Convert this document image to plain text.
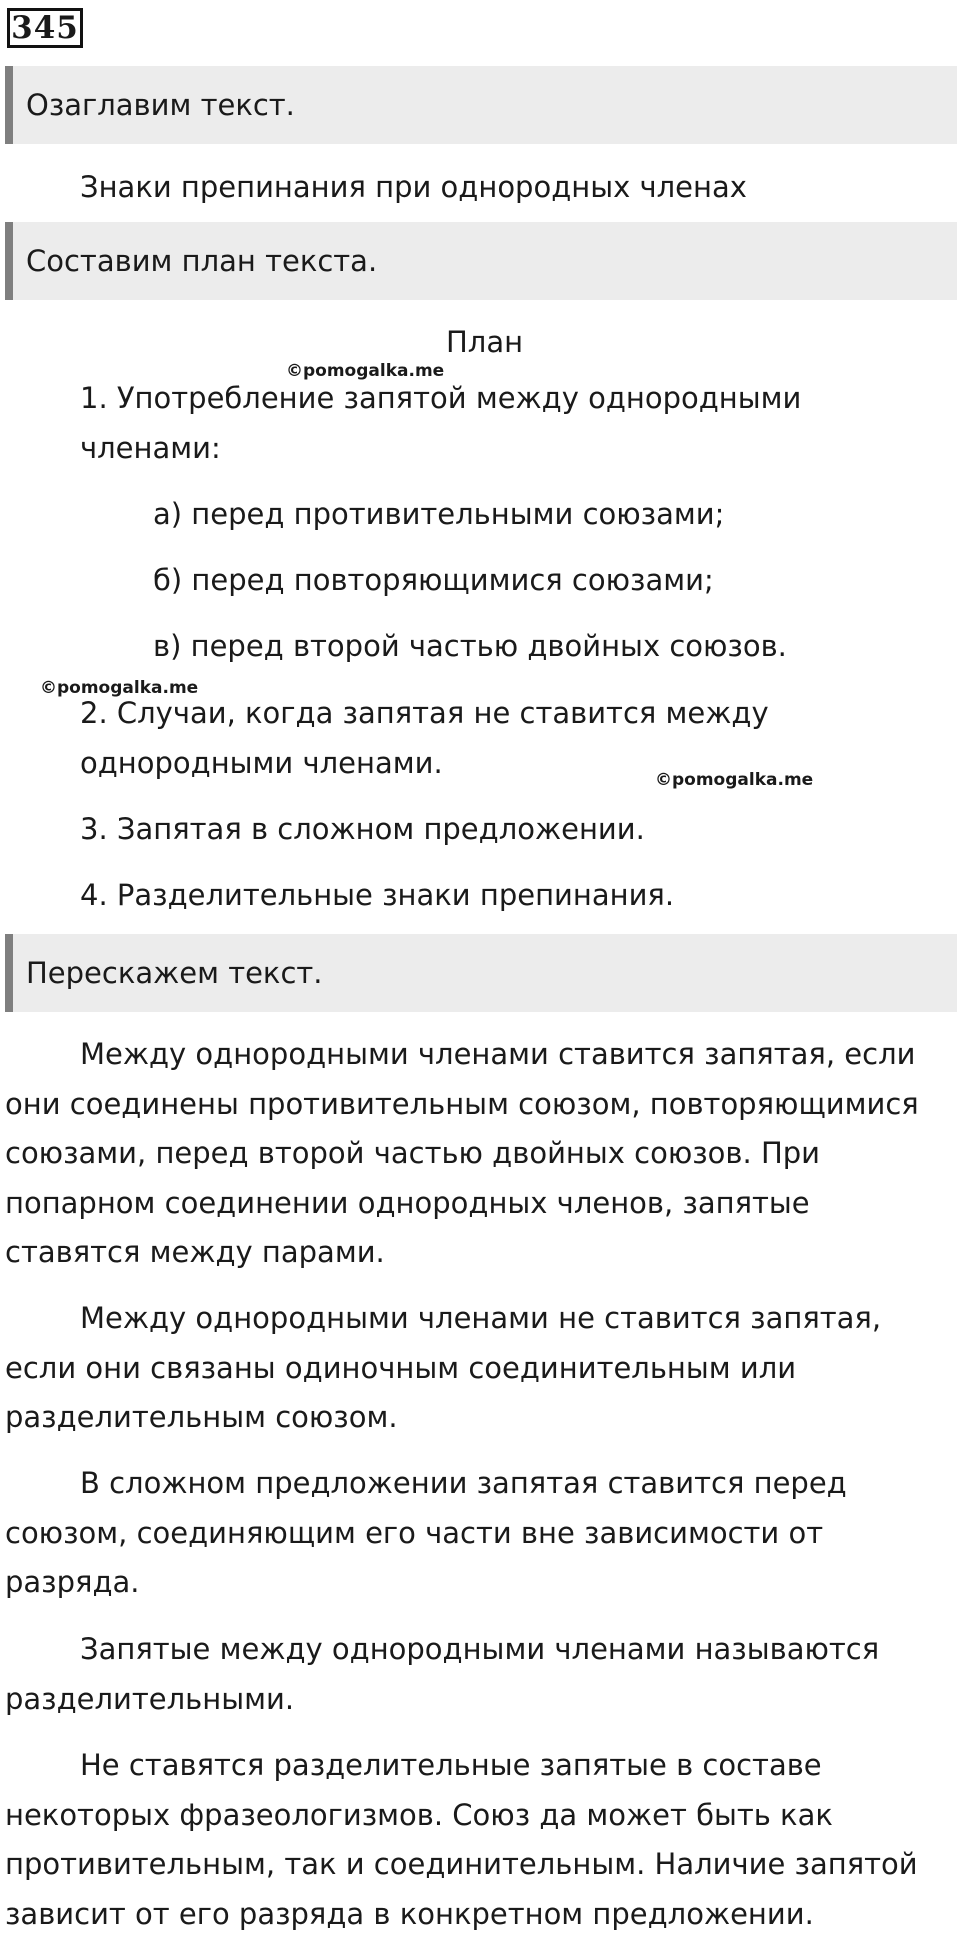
345
Озаглавим текст.
Знаки препинания при однородных членах
Составим план текста.
План
©pomogalka.me
1. Употребление запятой между однородными
членами:
а) перед противительными союзами;
б) перед повторяющимися союзами;
в) перед второй частью двойных союзов.
©pomogalka.me
2. Случаи, когда запятая не ставится между
однородными членами.	©pomogalka.me
3. Запятая в сложном предложении.
4. Разделительные знаки препинания.
Перескажем текст.
Между однородными членами ставится запятая, если
они соединены противительным союзом, повторяющимися
союзами, перед второй частью двойных союзов. При
попарном соединении однородных членов, запятые
ставятся между парами.
Между однородными членами не ставится запятая,
если они связаны одиночным соединительным или
разделительным союзом.
В сложном предложении запятая ставится перед
союзом, соединяющим его части вне зависимости от
разряда.
Запятые между однородными членами называются
разделительными.
Не ставятся разделительные запятые в составе
некоторых фразеологизмов. Союз да может быть как
противительным, так и соединительным. Наличие запятой
зависит от его разряда в конкретном предложении.
